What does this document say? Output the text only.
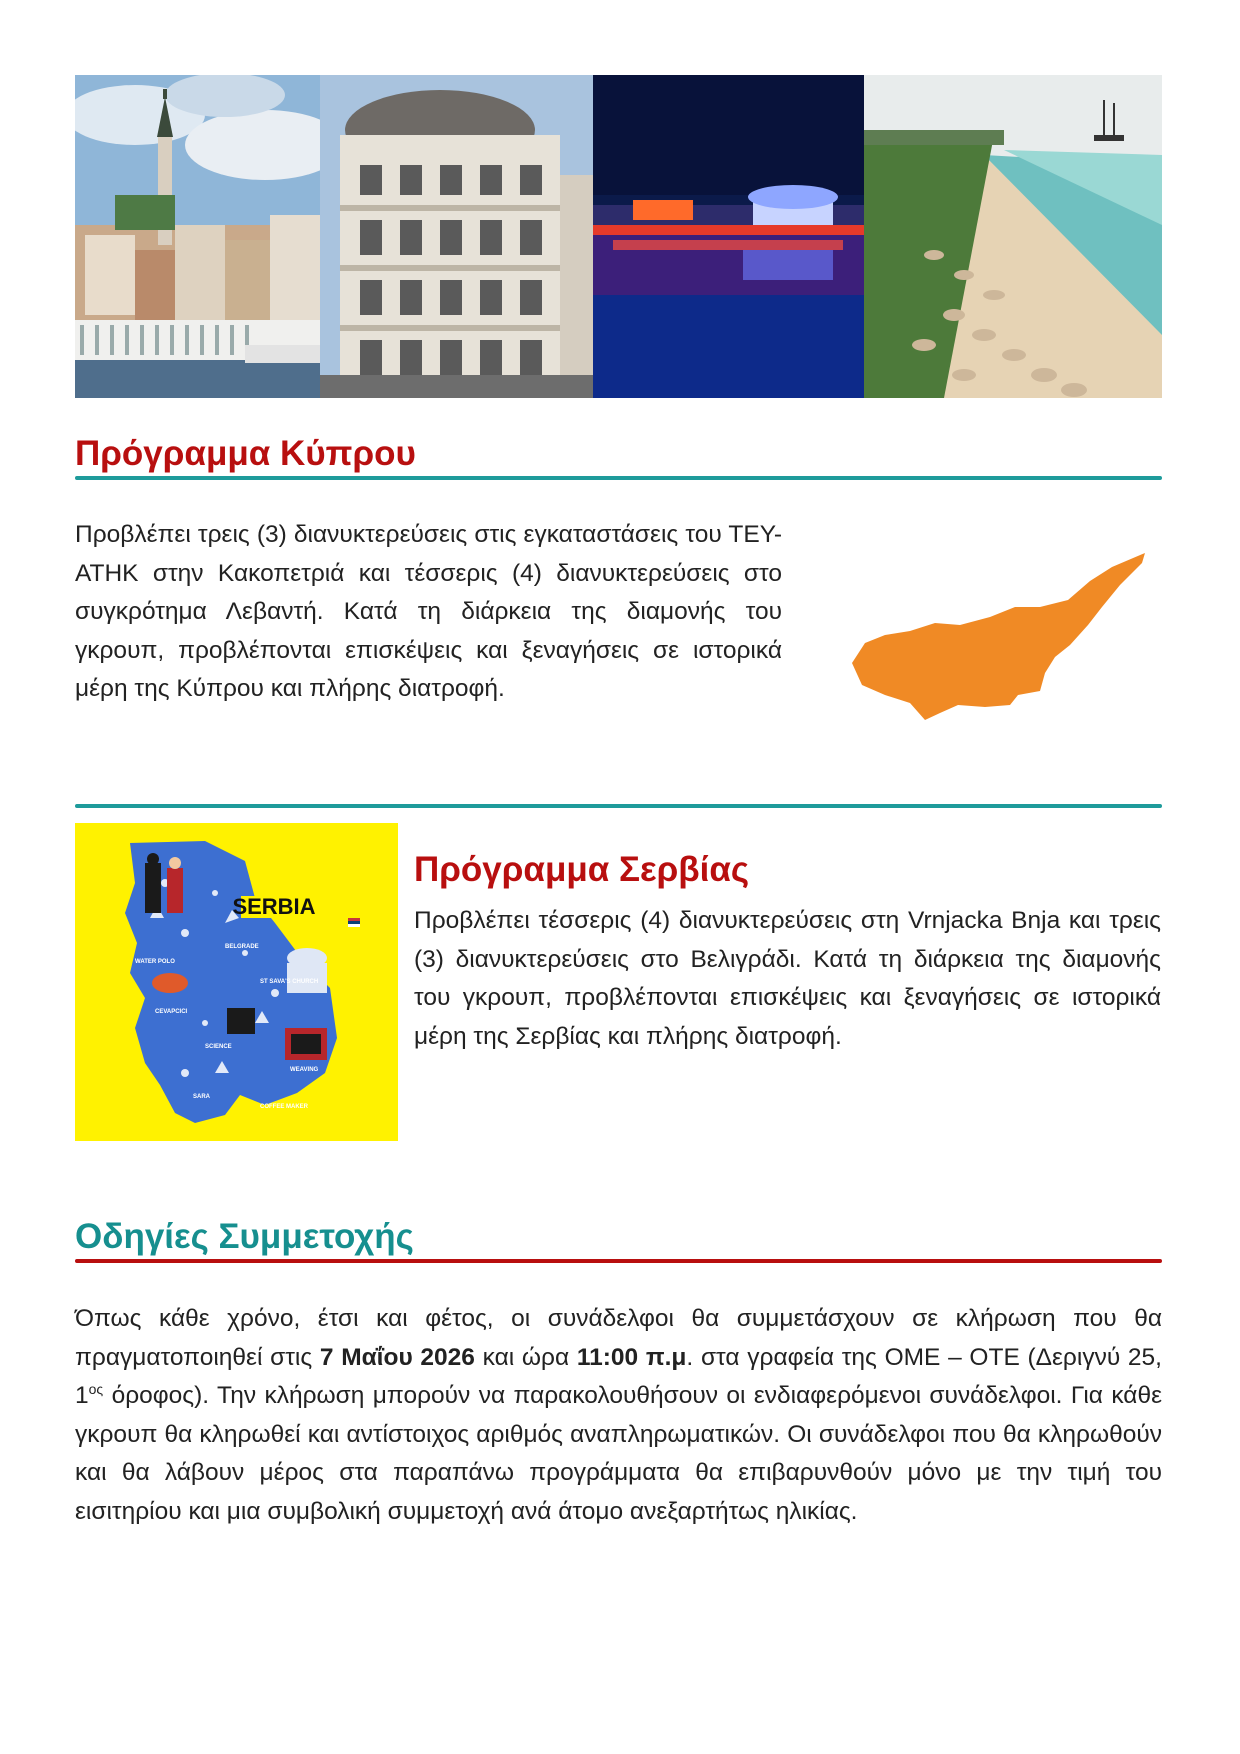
Πρόγραμμα Κύπρου

Προβλέπει τρεις (3) διανυκτερεύσεις στις εγκαταστάσεις του ΤΕΥ-ΑΤΗΚ στην Κακοπετριά και τέσσερις (4) διανυκτερεύσεις στο συγκρότημα Λεβαντή. Κατά τη διάρκεια της διαμονής του γκρουπ, προβλέπονται επισκέψεις και ξεναγήσεις σε ιστορικά μέρη της Κύπρου και πλήρης διατροφή.

SERBIA
BELGRADE
WATER POLO
ST SAVA'S CHURCH
CEVAPCICI
WEAVING
SCIENCE
SARA
COFFEE MAKER
Πρόγραμμα Σερβίας

Προβλέπει τέσσερις (4) διανυκτερεύσεις στη Vrnjacka Bnja και τρεις (3) διανυκτερεύσεις στο Βελιγράδι. Κατά τη διάρκεια της διαμονής του γκρουπ, προβλέπονται επισκέψεις και ξεναγήσεις σε ιστορικά μέρη της Σερβίας και πλήρης διατροφή.

Οδηγίες Συμμετοχής

Όπως κάθε χρόνο, έτσι και φέτος, οι συνάδελφοι θα συμμετάσχουν σε κλήρωση που θα πραγματοποιηθεί στις 7 Μαΐου 2026 και ώρα 11:00 π.μ. στα γραφεία της ΟΜΕ – ΟΤΕ (Δεριγνύ 25, $1^{o\varsigma}$ όροφος). Την κλήρωση μπορούν να παρακολουθήσουν οι ενδιαφερόμενοι συνάδελφοι. Για κάθε γκρουπ θα κληρωθεί και αντίστοιχος αριθμός αναπληρωματικών. Οι συνάδελφοι που θα κληρωθούν και θα λάβουν μέρος στα παραπάνω προγράμματα θα επιβαρυνθούν μόνο με την τιμή του εισιτηρίου και μια συμβολική συμμετοχή ανά άτομο ανεξαρτήτως ηλικίας.
